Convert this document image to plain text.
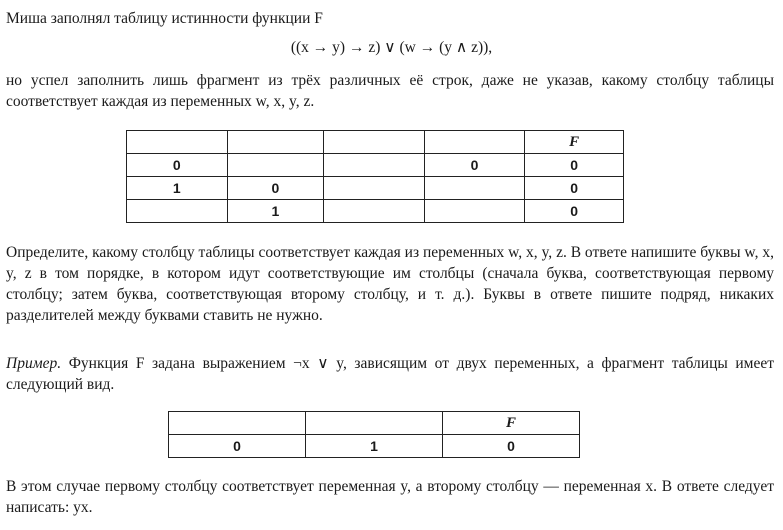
Миша заполнял таблицу истинности функции F

((x → y) → z) ∨ (w → (y ∧ z)),

но успел заполнить лишь фрагмент из трёх различных её строк, даже не указав, какому столбцу таблицы соответствует каждая из переменных w, x, y, z.

				F
0			0	0
1	0			0
	1			0

Определите, какому столбцу таблицы соответствует каждая из переменных w, x, y, z. В ответе напишите буквы w, x, y, z в том порядке, в котором идут соответствующие им столбцы (сначала буква, соответствующая первому столбцу; затем буква, соответствующая второму столбцу, и т. д.). Буквы в ответе пишите подряд, никаких разделителей между буквами ставить не нужно.

Пример. Функция F задана выражением ¬x ∨ y, зависящим от двух переменных, а фрагмент таблицы имеет следующий вид.

		F
0	1	0

В этом случае первому столбцу соответствует переменная y, а второму столбцу — переменная x. В ответе следует написать: yx.
